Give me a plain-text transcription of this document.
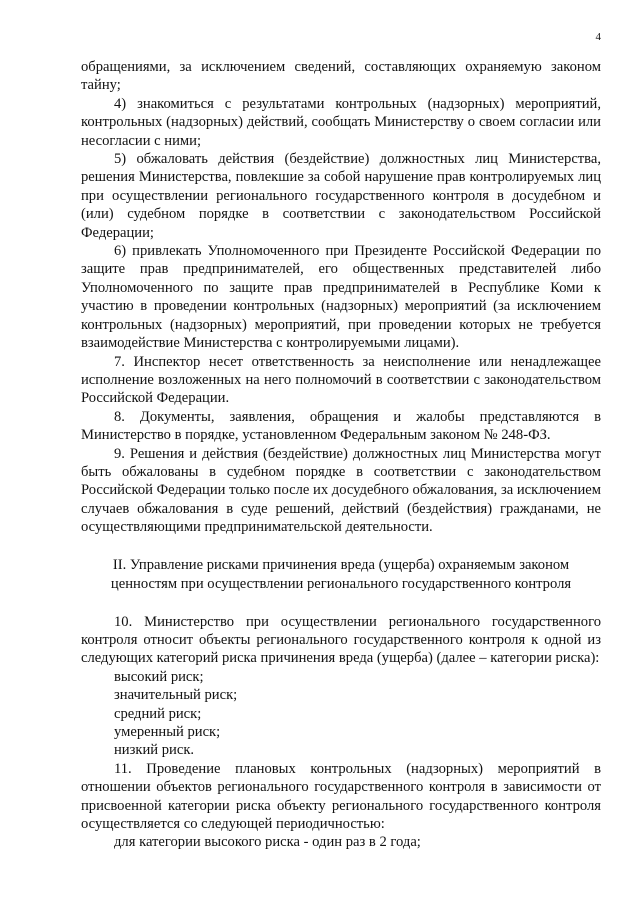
4

обращениями, за исключением сведений, составляющих охраняемую законом тайну;

4) знакомиться с результатами контрольных (надзорных) мероприятий, контрольных (надзорных) действий, сообщать Министерству о своем согласии или несогласии с ними;

5) обжаловать действия (бездействие) должностных лиц Министерства, решения Министерства, повлекшие за собой нарушение прав контролируемых лиц при осуществлении регионального государственного контроля в досудебном и (или) судебном порядке в соответствии с законодательством Российской Федерации;

6) привлекать Уполномоченного при Президенте Российской Федерации по защите прав предпринимателей, его общественных представителей либо Уполномоченного по защите прав предпринимателей в Республике Коми к участию в проведении контрольных (надзорных) мероприятий (за исключением контрольных (надзорных) мероприятий, при проведении которых не требуется взаимодействие Министерства с контролируемыми лицами).

7. Инспектор несет ответственность за неисполнение или ненадлежащее исполнение возложенных на него полномочий в соответствии с законодательством Российской Федерации.

8. Документы, заявления, обращения и жалобы представляются в Министерство в порядке, установленном Федеральным законом № 248-ФЗ.

9. Решения и действия (бездействие) должностных лиц Министерства могут быть обжалованы в судебном порядке в соответствии с законодательством Российской Федерации только после их досудебного обжалования, за исключением случаев обжалования в суде решений, действий (бездействия) гражданами, не осуществляющими предпринимательской деятельности.

II. Управление рисками причинения вреда (ущерба) охраняемым законом ценностям при осуществлении регионального государственного контроля

10. Министерство при осуществлении регионального государственного контроля относит объекты регионального государственного контроля к одной из следующих категорий риска причинения вреда (ущерба) (далее – категории риска):

высокий риск;

значительный риск;

средний риск;

умеренный риск;

низкий риск.

11. Проведение плановых контрольных (надзорных) мероприятий в отношении объектов регионального государственного контроля в зависимости от присвоенной категории риска объекту регионального государственного контроля осуществляется со следующей периодичностью:

для категории высокого риска - один раз в 2 года;
